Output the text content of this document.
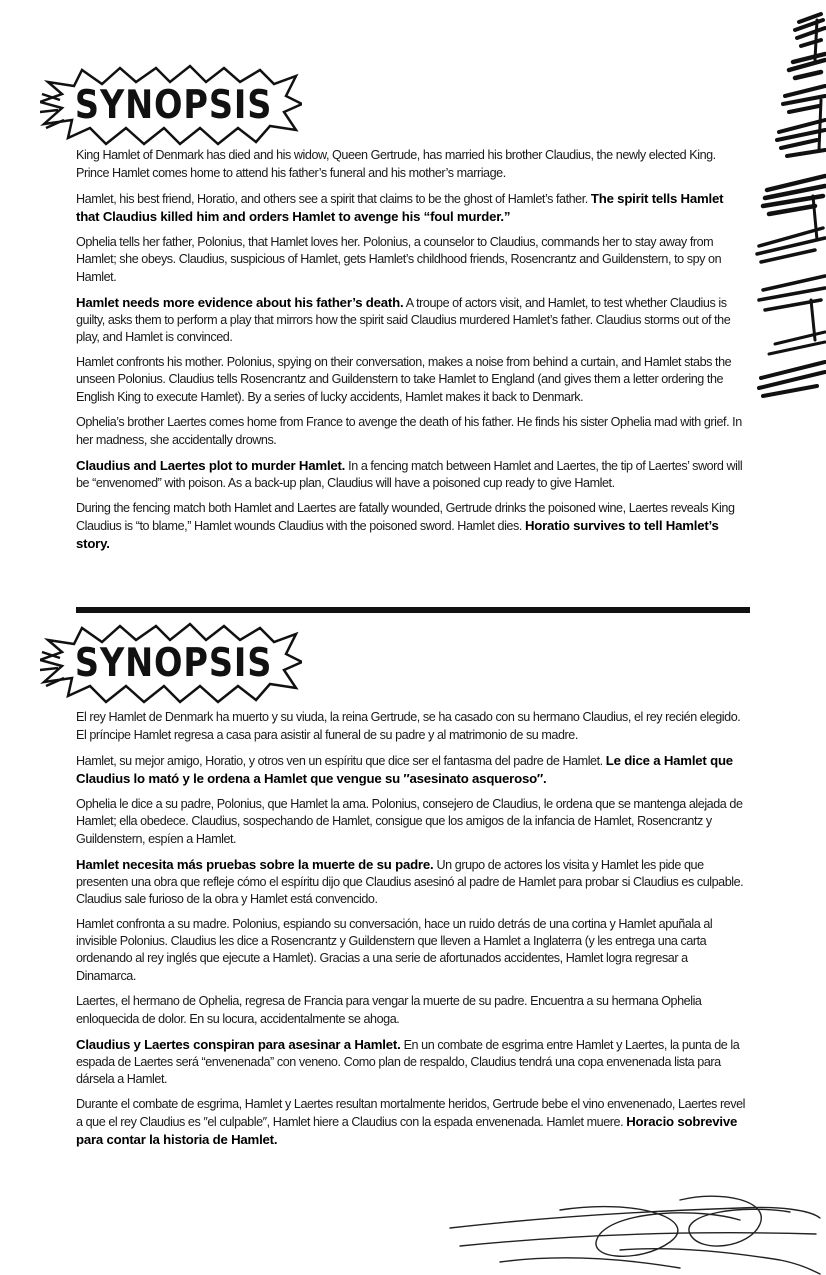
SYNOPSIS

King Hamlet of Denmark has died and his widow, Queen Gertrude, has married his brother Claudius, the newly elected King. Prince Hamlet comes home to attend his father’s funeral and his mother’s marriage.

Hamlet, his best friend, Horatio, and others see a spirit that claims to be the ghost of Hamlet’s father. The spirit tells Hamlet that Claudius killed him and orders Hamlet to avenge his “foul murder.”

Ophelia tells her father, Polonius, that Hamlet loves her. Polonius, a counselor to Claudius, commands her to stay away from Hamlet; she obeys. Claudius, suspicious of Hamlet, gets Hamlet’s childhood friends, Rosencrantz and Guildenstern, to spy on Hamlet.

Hamlet needs more evidence about his father’s death. A troupe of actors visit, and Hamlet, to test whether Claudius is guilty, asks them to perform a play that mirrors how the spirit said Claudius murdered Hamlet’s father. Claudius storms out of the play, and Hamlet is convinced.

Hamlet confronts his mother. Polonius, spying on their conversation, makes a noise from behind a curtain, and Hamlet stabs the unseen Polonius. Claudius tells Rosencrantz and Guildenstern to take Hamlet to England (and gives them a letter ordering the English King to execute Hamlet). By a series of lucky accidents, Hamlet makes it back to Denmark.

Ophelia’s brother Laertes comes home from France to avenge the death of his father. He finds his sister Ophelia mad with grief. In her madness, she accidentally drowns.

Claudius and Laertes plot to murder Hamlet. In a fencing match between Hamlet and Laertes, the tip of Laertes’ sword will be “envenomed” with poison. As a back-up plan, Claudius will have a poisoned cup ready to give Hamlet.

During the fencing match both Hamlet and Laertes are fatally wounded, Gertrude drinks the poisoned wine, Laertes reveals King Claudius is “to blame,” Hamlet wounds Claudius with the poisoned sword. Hamlet dies. Horatio survives to tell Hamlet’s story.

SYNOPSIS

El rey Hamlet de Denmark ha muerto y su viuda, la reina Gertrude, se ha casado con su hermano Claudius, el rey recién elegido. El príncipe Hamlet regresa a casa para asistir al funeral de su padre y al matrimonio de su madre.

Hamlet, su mejor amigo, Horatio, y otros ven un espíritu que dice ser el fantasma del padre de Hamlet. Le dice a Hamlet que Claudius lo mató y le ordena a Hamlet que vengue su ″asesinato asqueroso″.

Ophelia le dice a su padre, Polonius, que Hamlet la ama. Polonius, consejero de Claudius, le ordena que se mantenga alejada de Hamlet; ella obedece. Claudius, sospechando de Hamlet, consigue que los amigos de la infancia de Hamlet, Rosencrantz y Guildenstern, espíen a Hamlet.

Hamlet necesita más pruebas sobre la muerte de su padre. Un grupo de actores los visita y Hamlet les pide que presenten una obra que refleje cómo el espíritu dijo que Claudius asesinó al padre de Hamlet para probar si Claudius es culpable. Claudius sale furioso de la obra y Hamlet está convencido.

Hamlet confronta a su madre. Polonius, espiando su conversación, hace un ruido detrás de una cortina y Hamlet apuñala al invisible Polonius. Claudius les dice a Rosencrantz y Guildenstern que lleven a Hamlet a Inglaterra (y les entrega una carta ordenando al rey inglés que ejecute a Hamlet). Gracias a una serie de afortunados accidentes, Hamlet logra regresar a Dinamarca.

Laertes, el hermano de Ophelia, regresa de Francia para vengar la muerte de su padre. Encuentra a su hermana Ophelia enloquecida de dolor. En su locura, accidentalmente se ahoga.

Claudius y Laertes conspiran para asesinar a Hamlet. En un combate de esgrima entre Hamlet y Laertes, la punta de la espada de Laertes será “envenenada” con veneno. Como plan de respaldo, Claudius tendrá una copa envenenada lista para dársela a Hamlet.

Durante el combate de esgrima, Hamlet y Laertes resultan mortalmente heridos, Gertrude bebe el vino envenenado, Laertes revel a que el rey Claudius es ″el culpable″, Hamlet hiere a Claudius con la espada envenenada. Hamlet muere. Horacio sobrevive para contar la historia de Hamlet.
